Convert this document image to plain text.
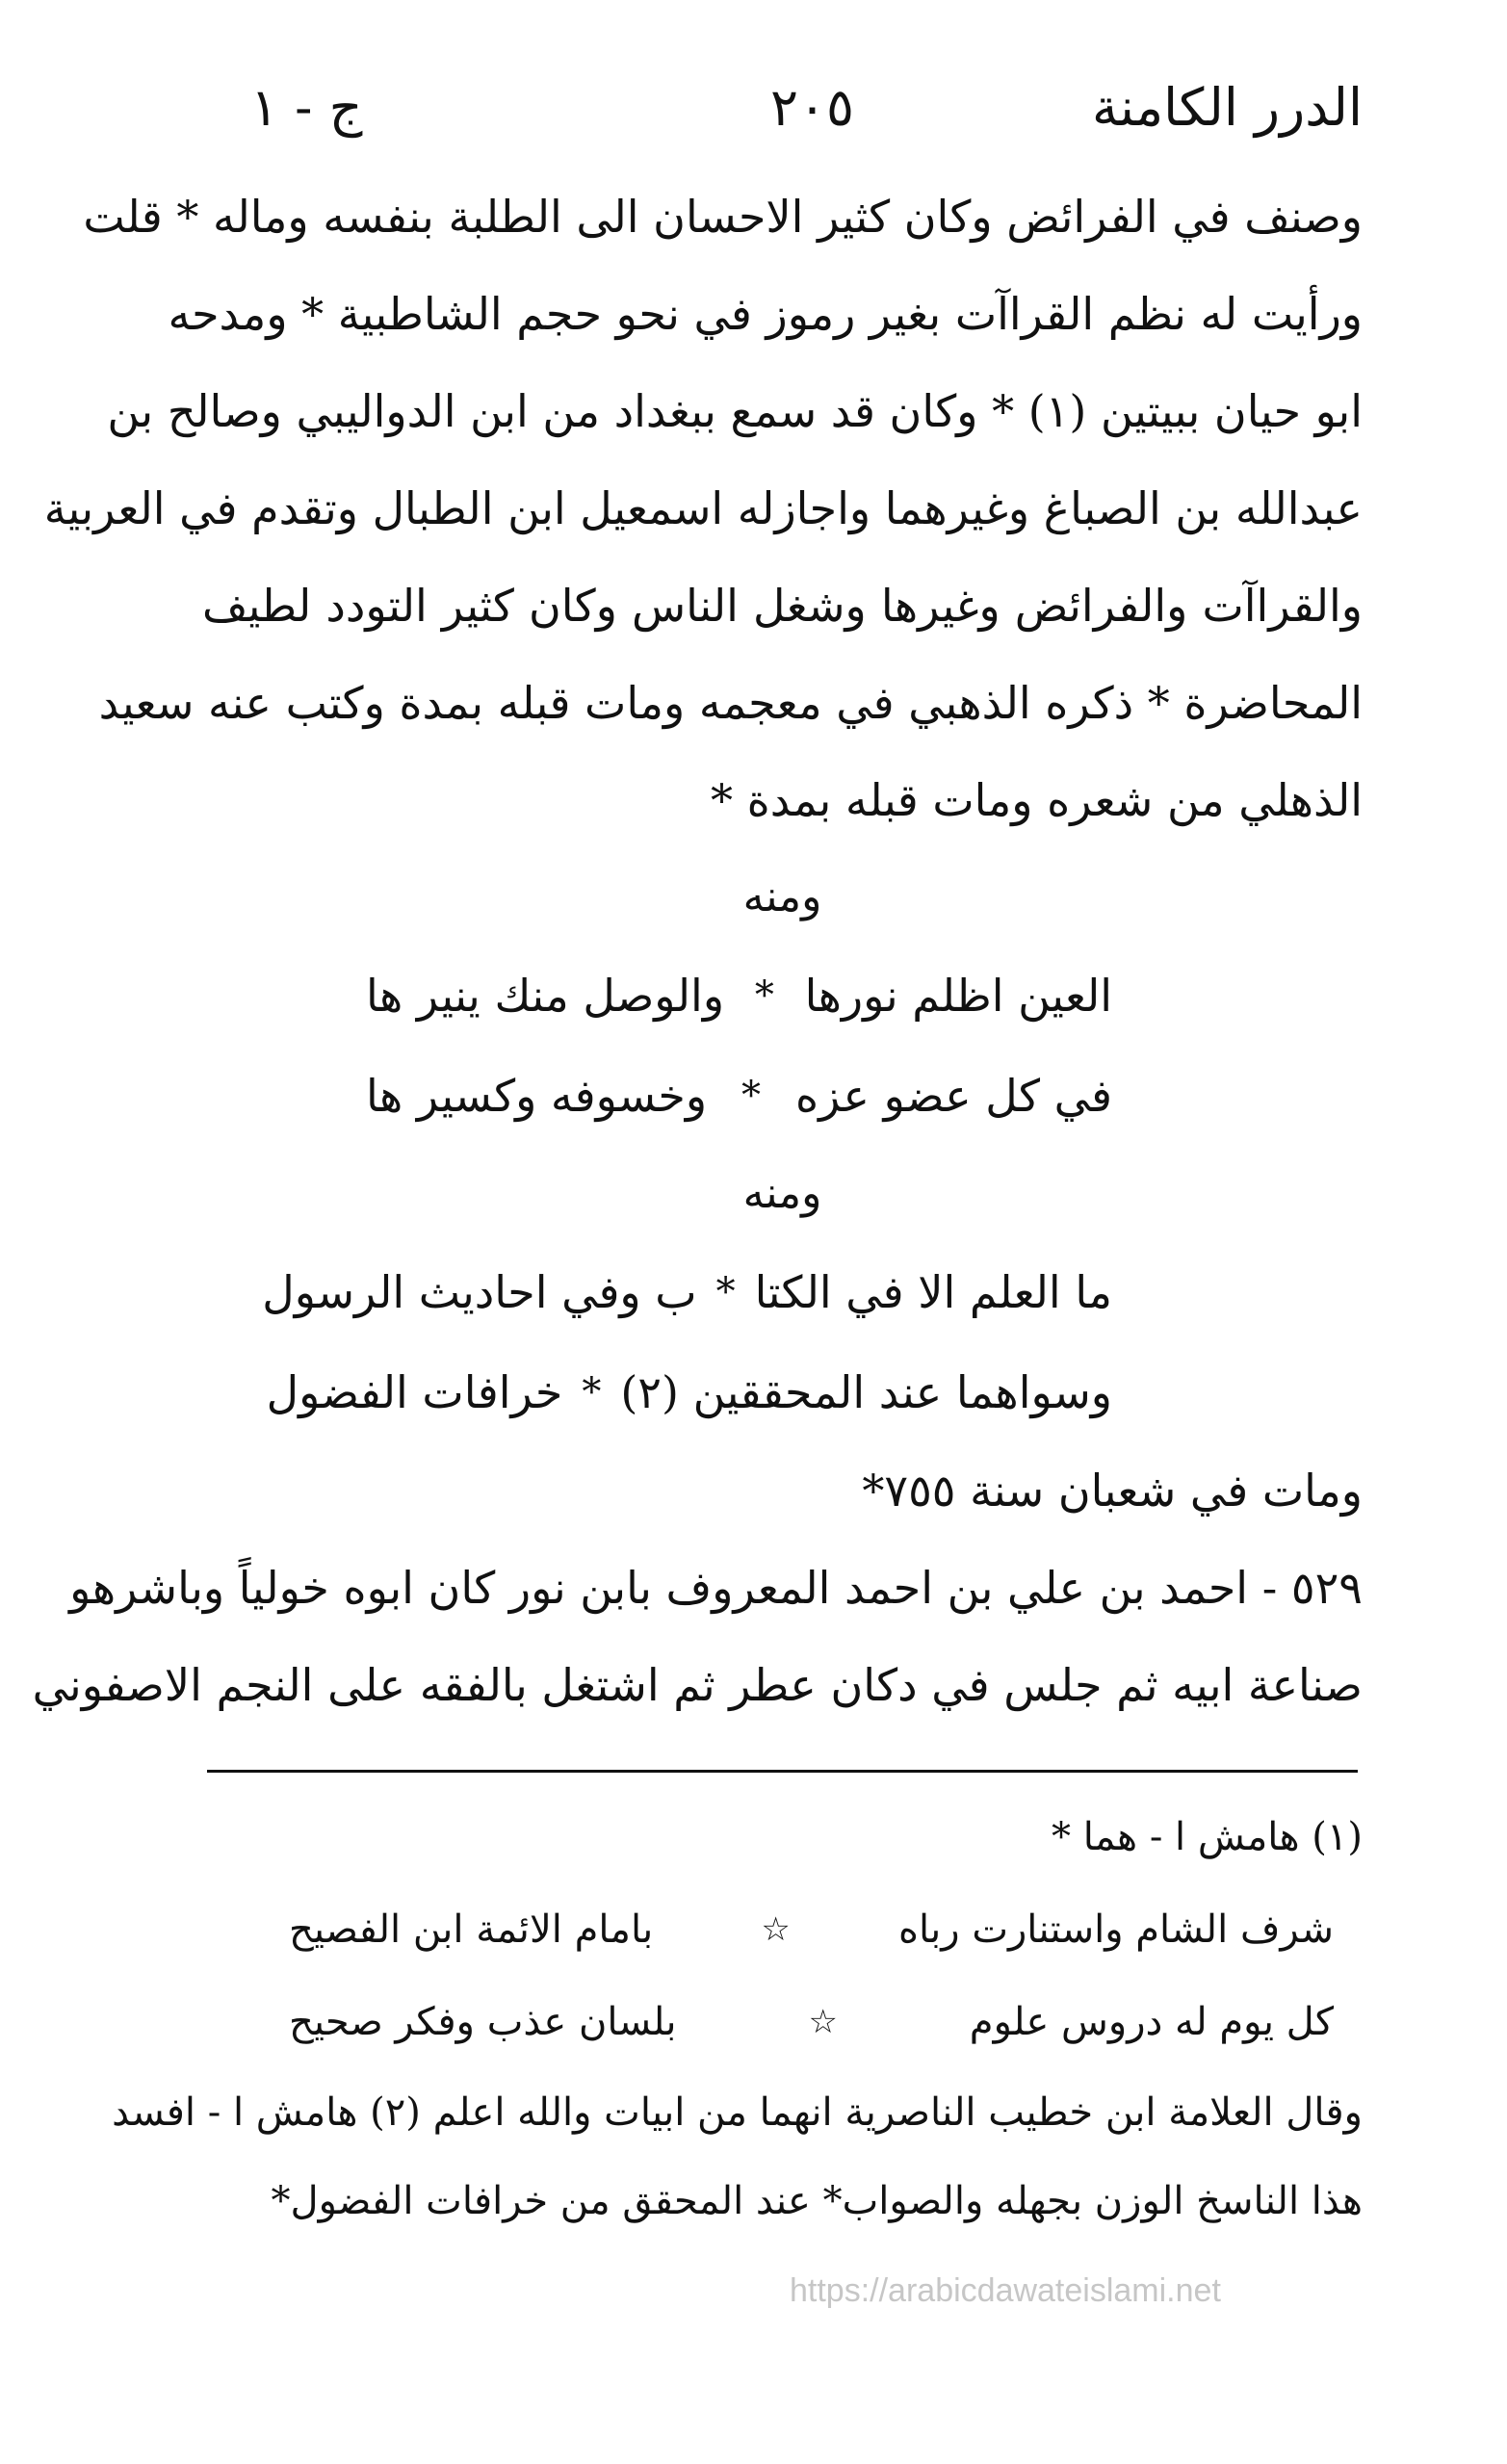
الدرر الكامنة
٢٠٥
ج - ١
وصنف في الفرائض وكان كثير الاحسان الى الطلبة بنفسه وماله * قلت
ورأيت له نظم القراآت بغير رموز في نحو حجم الشاطبية * ومدحه
ابو حيان ببيتين (١) * وكان قد سمع ببغداد من ابن الدواليبي وصالح بن
عبدالله بن الصباغ وغيرهما واجازله اسمعيل ابن الطبال وتقدم في العربية
والقراآت والفرائض وغيرها وشغل الناس وكان كثير التودد لطيف
المحاضرة * ذكره الذهبي في معجمه ومات قبله بمدة وكتب عنه سعيد
الذهلي من شعره ومات قبله بمدة *
ومنه
العين اظلم نورها
*
والوصل منك ينير ها
في كل عضو عزه
*
وخسوفه وكسير ها
ومنه
ما العلم الا في الكتا
*
ب وفي احاديث الرسول
وسواهما عند المحققين (٢)
*
خرافات الفضول
ومات في شعبان سنة ٧٥٥*
٥٢٩ - احمد بن علي بن احمد المعروف بابن نور كان ابوه خولياً وباشرهو
صناعة ابيه ثم جلس في دكان عطر ثم اشتغل بالفقه على النجم الاصفوني
(١) هامش ا - هما *
شرف الشام واستنارت رباه
☆
بامام الائمة ابن الفصيح
كل يوم له دروس علوم
☆
بلسان عذب وفكر صحيح
وقال العلامة ابن خطيب الناصرية انهما من ابيات والله اعلم (٢) هامش ا - افسد
هذا الناسخ الوزن بجهله والصواب* عند المحقق من خرافات الفضول*
https://arabicdawateislami.net
